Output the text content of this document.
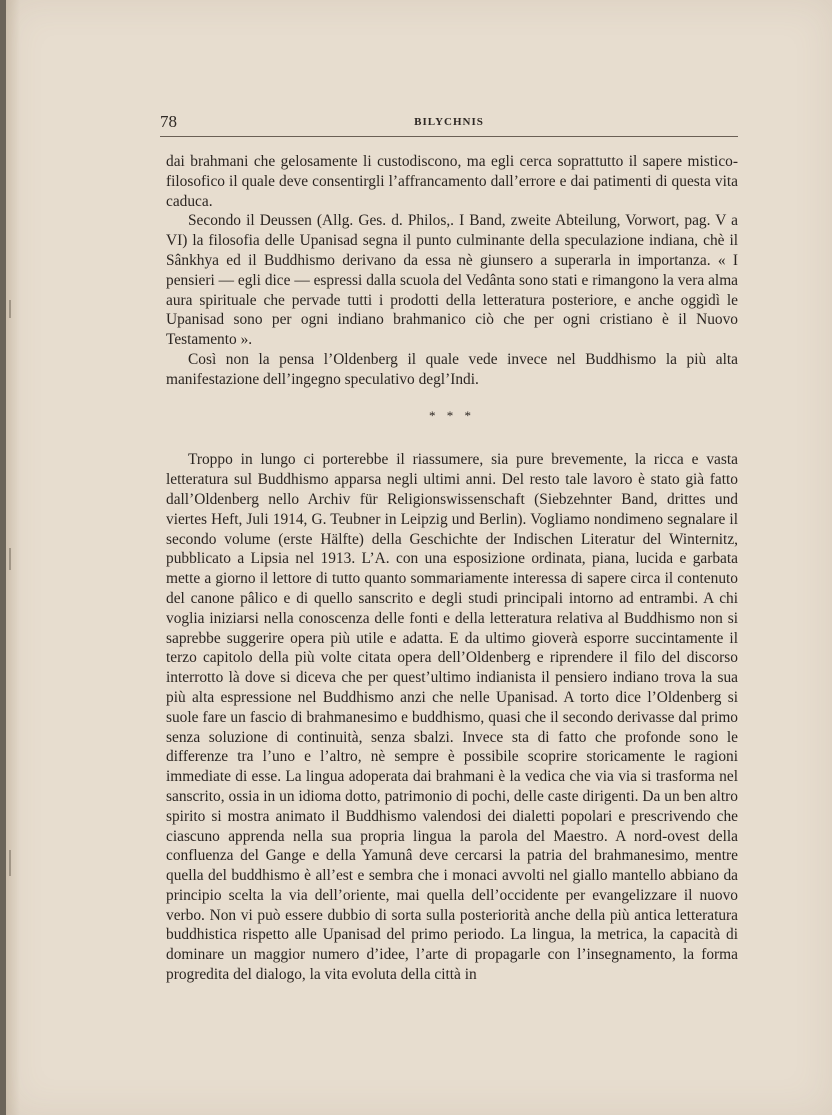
78	BILYCHNIS

dai brahmani che gelosamente li custodiscono, ma egli cerca soprattutto il sapere mistico-filosofico il quale deve consentirgli l’affrancamento dall’errore e dai patimenti di questa vita caduca.

Secondo il Deussen (Allg. Ges. d. Philos,. I Band, zweite Abteilung, Vorwort, pag. V a VI) la filosofia delle Upanisad segna il punto culminante della speculazione indiana, chè il Sânkhya ed il Buddhismo derivano da essa nè giunsero a superarla in importanza. « I pensieri — egli dice — espressi dalla scuola del Vedânta sono stati e rimangono la vera alma aura spirituale che pervade tutti i prodotti della letteratura posteriore, e anche oggidì le Upanisad sono per ogni indiano brahmanico ciò che per ogni cristiano è il Nuovo Testamento ».

Così non la pensa l’Oldenberg il quale vede invece nel Buddhismo la più alta manifestazione dell’ingegno speculativo degl’Indi.

* * *

Troppo in lungo ci porterebbe il riassumere, sia pure brevemente, la ricca e vasta letteratura sul Buddhismo apparsa negli ultimi anni. Del resto tale lavoro è stato già fatto dall’Oldenberg nello Archiv für Religionswissenschaft (Siebzehnter Band, drittes und viertes Heft, Juli 1914, G. Teubner in Leipzig und Berlin). Vogliamo nondimeno segnalare il secondo volume (erste Hälfte) della Geschichte der Indischen Literatur del Winternitz, pubblicato a Lipsia nel 1913. L’A. con una esposizione ordinata, piana, lucida e garbata mette a giorno il lettore di tutto quanto sommariamente interessa di sapere circa il contenuto del canone pâlico e di quello sanscrito e degli studi principali intorno ad entrambi. A chi voglia iniziarsi nella conoscenza delle fonti e della letteratura relativa al Buddhismo non si saprebbe suggerire opera più utile e adatta. E da ultimo gioverà esporre succintamente il terzo capitolo della più volte citata opera dell’Oldenberg e riprendere il filo del discorso interrotto là dove si diceva che per quest’ultimo indianista il pensiero indiano trova la sua più alta espressione nel Buddhismo anzi che nelle Upanisad. A torto dice l’Oldenberg si suole fare un fascio di brahmanesimo e buddhismo, quasi che il secondo derivasse dal primo senza soluzione di continuità, senza sbalzi. Invece sta di fatto che profonde sono le differenze tra l’uno e l’altro, nè sempre è possibile scoprire storicamente le ragioni immediate di esse. La lingua adoperata dai brahmani è la vedica che via via si trasforma nel sanscrito, ossia in un idioma dotto, patrimonio di pochi, delle caste dirigenti. Da un ben altro spirito si mostra animato il Buddhismo valendosi dei dialetti popolari e prescrivendo che ciascuno apprenda nella sua propria lingua la parola del Maestro. A nord-ovest della confluenza del Gange e della Yamunâ deve cercarsi la patria del brahmanesimo, mentre quella del buddhismo è all’est e sembra che i monaci avvolti nel giallo mantello abbiano da principio scelta la via dell’oriente, mai quella dell’occidente per evangelizzare il nuovo verbo. Non vi può essere dubbio di sorta sulla posteriorità anche della più antica letteratura buddhistica rispetto alle Upanisad del primo periodo. La lingua, la metrica, la capacità di dominare un maggior numero d’idee, l’arte di propagarle con l’insegnamento, la forma progredita del dialogo, la vita evoluta della città in
